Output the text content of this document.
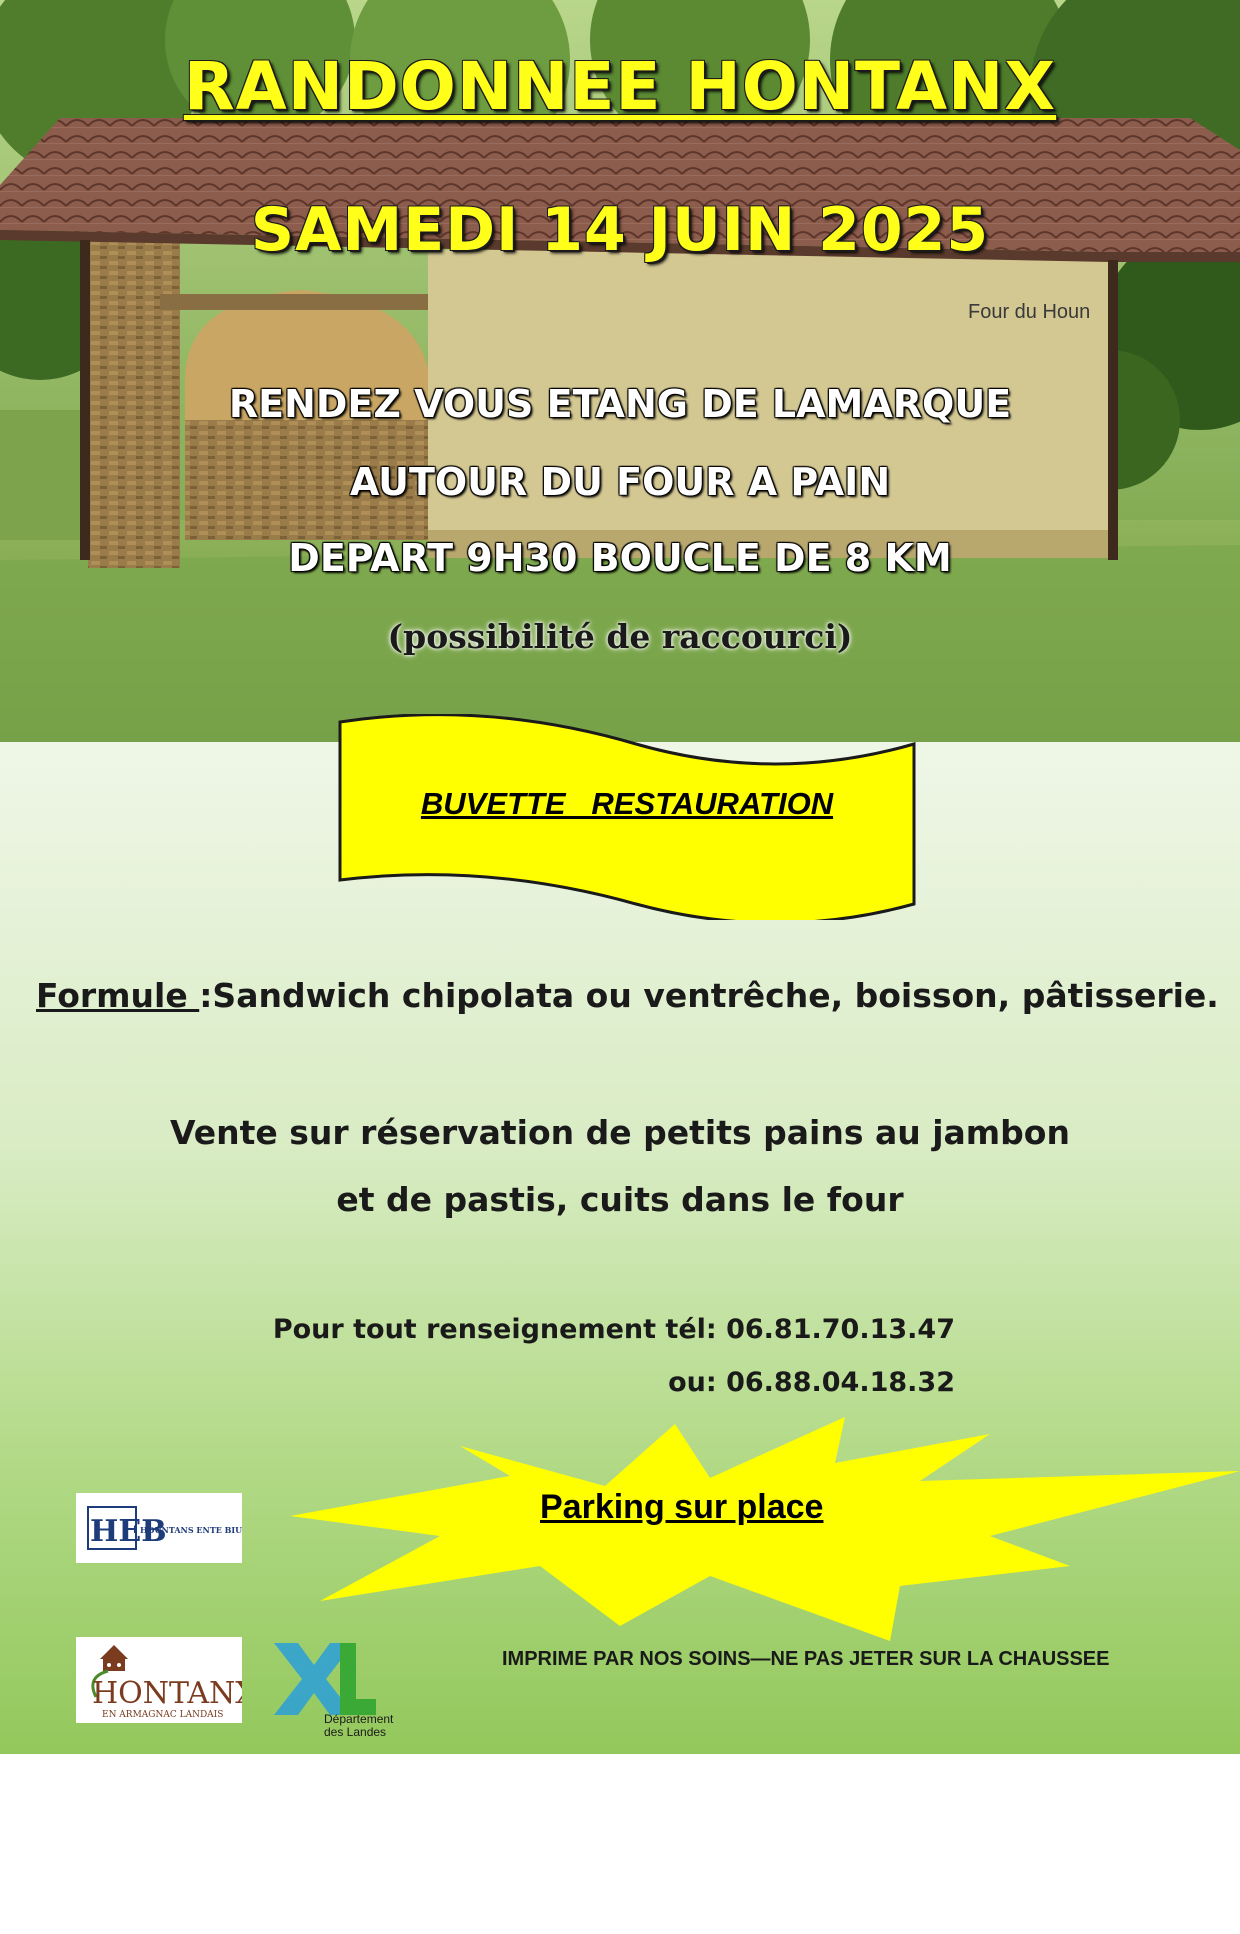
Four du Houn
RANDONNEE HONTANX
SAMEDI 14 JUIN 2025
RENDEZ VOUS ETANG DE LAMARQUE
AUTOUR DU FOUR A PAIN
DEPART 9H30 BOUCLE DE 8 KM
(possibilité de raccourci)
BUVETTE   RESTAURATION
Formule :Sandwich chipolata ou ventrêche, boisson, pâtisserie.
Vente sur réservation de petits pains au jambon
et de pastis, cuits dans le four
Pour tout renseignement tél: 06.81.70.13.47
ou: 06.88.04.18.32
Parking sur place
IMPRIME PAR NOS SOINS—NE PAS JETER SUR LA CHAUSSEE
HEB
HOUNTANS ENTE BIUE
HONTANX
EN ARMAGNAC LANDAIS	Département
des Landes
